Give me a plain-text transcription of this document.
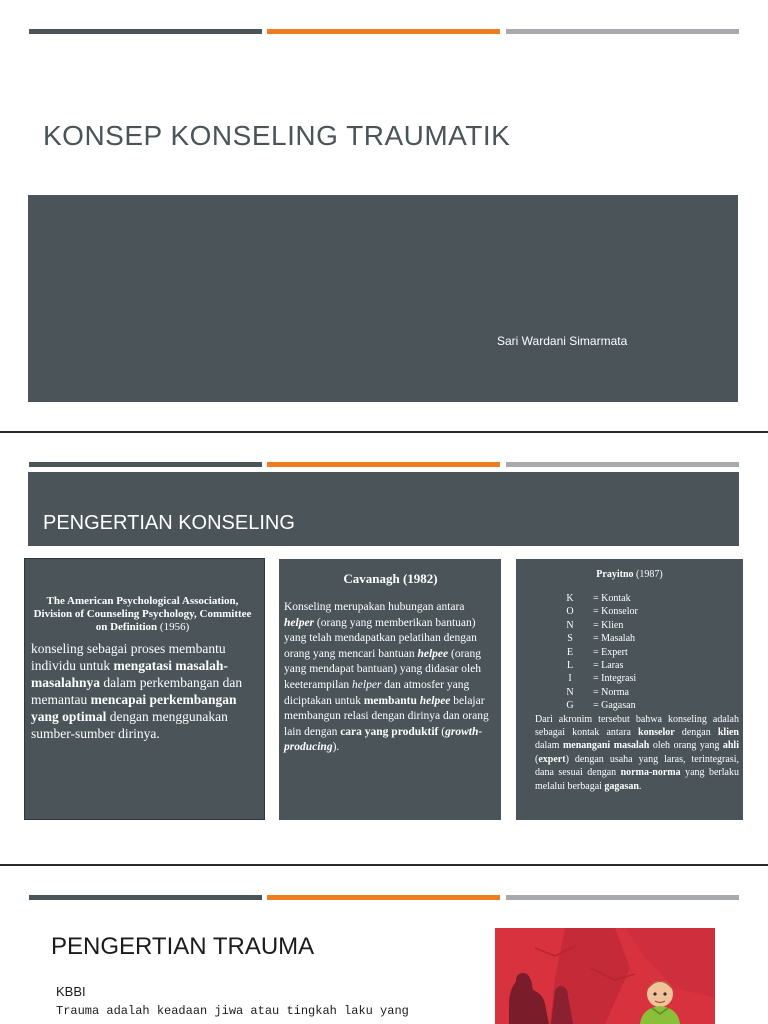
KONSEP KONSELING TRAUMATIK
Sari Wardani Simarmata
PENGERTIAN KONSELING
The American Psychological Association, Division of Counseling Psychology, Committee on Definition (1956)
konseling sebagai proses membantu individu untuk mengatasi masalah-masalahnya dalam perkembangan dan memantau mencapai perkembangan yang optimal dengan menggunakan sumber-sumber dirinya.
Cavanagh (1982)
Konseling merupakan hubungan antara helper (orang yang memberikan bantuan) yang telah mendapatkan pelatihan dengan orang yang mencari bantuan helpee (orang yang mendapat bantuan) yang didasar oleh keeterampilan helper dan atmosfer yang diciptakan untuk membantu helpee belajar membangun relasi dengan dirinya dan orang lain dengan cara yang produktif (growth-producing).
Prayitno (1987)
K	= Kontak
O	= Konselor
N	= Klien
S	= Masalah
E	= Expert
L	= Laras
I	= Integrasi
N	= Norma
G	= Gagasan
Dari akronim tersebut bahwa konseling adalah sebagai kontak antara konselor dengan klien dalam menangani masalah oleh orang yang ahli (expert) dengan usaha yang laras, terintegrasi, dana sesuai dengan norma-norma yang berlaku melalui berbagai gagasan.
PENGERTIAN TRAUMA
KBBI
Trauma adalah keadaan jiwa atau tingkah laku yang
